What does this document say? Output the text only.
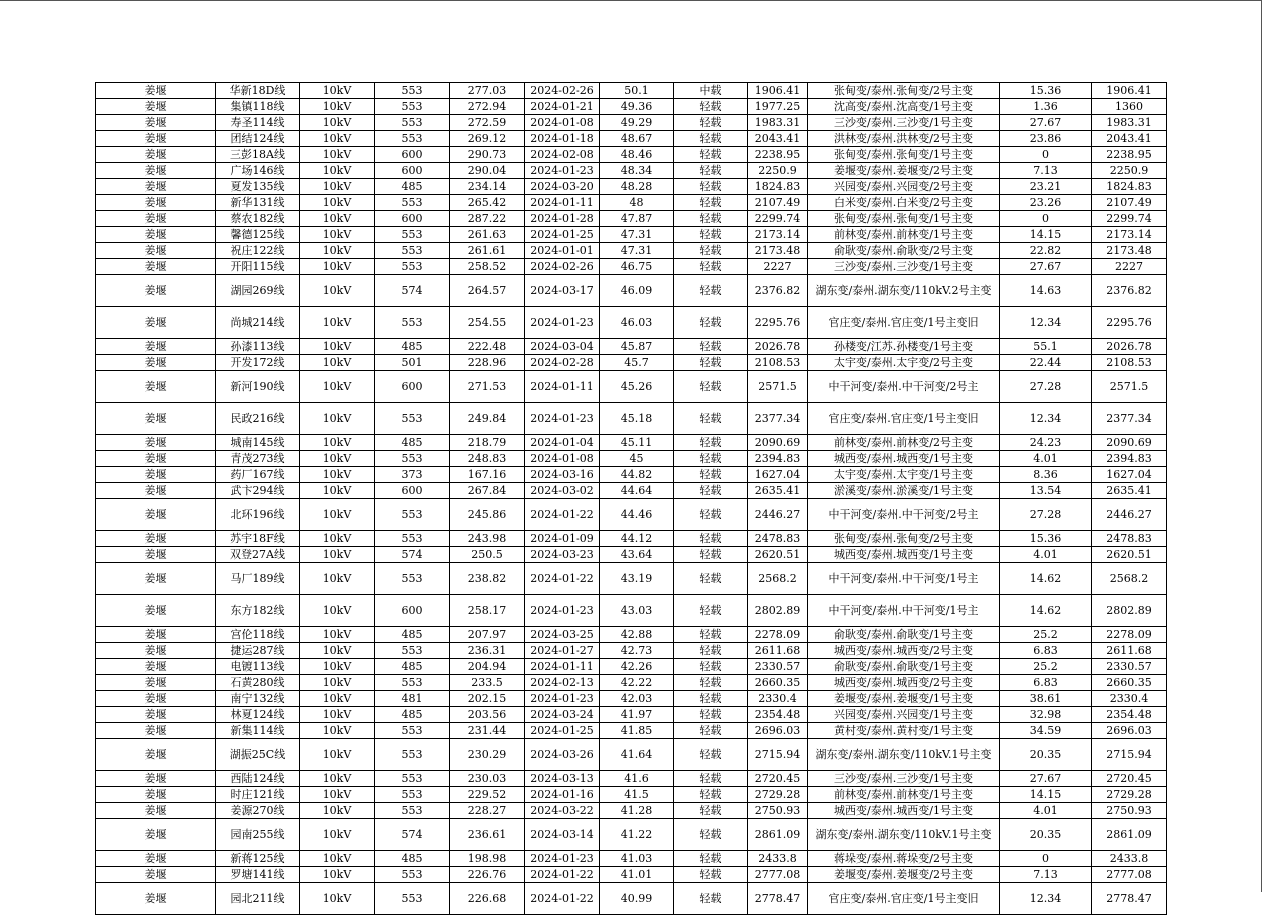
姜堰	华新18D线	10kV	553	277.03	2024-02-26	50.1	中载	1906.41	张甸变/泰州.张甸变/2号主变	15.36	1906.41
姜堰	集镇118线	10kV	553	272.94	2024-01-21	49.36	轻载	1977.25	沈高变/泰州.沈高变/1号主变	1.36	1360
姜堰	寿圣114线	10kV	553	272.59	2024-01-08	49.29	轻载	1983.31	三沙变/泰州.三沙变/1号主变	27.67	1983.31
姜堰	团结124线	10kV	553	269.12	2024-01-18	48.67	轻载	2043.41	洪林变/泰州.洪林变/2号主变	23.86	2043.41
姜堰	三彭18A线	10kV	600	290.73	2024-02-08	48.46	轻载	2238.95	张甸变/泰州.张甸变/1号主变	0	2238.95
姜堰	广场146线	10kV	600	290.04	2024-01-23	48.34	轻载	2250.9	姜堰变/泰州.姜堰变/2号主变	7.13	2250.9
姜堰	夏发135线	10kV	485	234.14	2024-03-20	48.28	轻载	1824.83	兴园变/泰州.兴园变/2号主变	23.21	1824.83
姜堰	新华131线	10kV	553	265.42	2024-01-11	48	轻载	2107.49	白米变/泰州.白米变/2号主变	23.26	2107.49
姜堰	蔡农182线	10kV	600	287.22	2024-01-28	47.87	轻载	2299.74	张甸变/泰州.张甸变/1号主变	0	2299.74
姜堰	馨德125线	10kV	553	261.63	2024-01-25	47.31	轻载	2173.14	前林变/泰州.前林变/1号主变	14.15	2173.14
姜堰	祝庄122线	10kV	553	261.61	2024-01-01	47.31	轻载	2173.48	俞耿变/泰州.俞耿变/2号主变	22.82	2173.48
姜堰	开阳115线	10kV	553	258.52	2024-02-26	46.75	轻载	2227	三沙变/泰州.三沙变/1号主变	27.67	2227
姜堰	湖园269线	10kV	574	264.57	2024-03-17	46.09	轻载	2376.82	湖东变/泰州.湖东变/110kV.2号主变	14.63	2376.82
姜堰	尚城214线	10kV	553	254.55	2024-01-23	46.03	轻载	2295.76	官庄变/泰州.官庄变/1号主变旧	12.34	2295.76
姜堰	孙漆113线	10kV	485	222.48	2024-03-04	45.87	轻载	2026.78	孙楼变/江苏.孙楼变/1号主变	55.1	2026.78
姜堰	开发172线	10kV	501	228.96	2024-02-28	45.7	轻载	2108.53	太宇变/泰州.太宇变/2号主变	22.44	2108.53
姜堰	新河190线	10kV	600	271.53	2024-01-11	45.26	轻载	2571.5	中干河变/泰州.中干河变/2号主	27.28	2571.5
姜堰	民政216线	10kV	553	249.84	2024-01-23	45.18	轻载	2377.34	官庄变/泰州.官庄变/1号主变旧	12.34	2377.34
姜堰	城南145线	10kV	485	218.79	2024-01-04	45.11	轻载	2090.69	前林变/泰州.前林变/2号主变	24.23	2090.69
姜堰	青茂273线	10kV	553	248.83	2024-01-08	45	轻载	2394.83	城西变/泰州.城西变/1号主变	4.01	2394.83
姜堰	药厂167线	10kV	373	167.16	2024-03-16	44.82	轻载	1627.04	太宇变/泰州.太宇变/1号主变	8.36	1627.04
姜堰	武卞294线	10kV	600	267.84	2024-03-02	44.64	轻载	2635.41	淤溪变/泰州.淤溪变/1号主变	13.54	2635.41
姜堰	北环196线	10kV	553	245.86	2024-01-22	44.46	轻载	2446.27	中干河变/泰州.中干河变/2号主	27.28	2446.27
姜堰	苏宇18F线	10kV	553	243.98	2024-01-09	44.12	轻载	2478.83	张甸变/泰州.张甸变/2号主变	15.36	2478.83
姜堰	双登27A线	10kV	574	250.5	2024-03-23	43.64	轻载	2620.51	城西变/泰州.城西变/1号主变	4.01	2620.51
姜堰	马厂189线	10kV	553	238.82	2024-01-22	43.19	轻载	2568.2	中干河变/泰州.中干河变/1号主	14.62	2568.2
姜堰	东方182线	10kV	600	258.17	2024-01-23	43.03	轻载	2802.89	中干河变/泰州.中干河变/1号主	14.62	2802.89
姜堰	宫伦118线	10kV	485	207.97	2024-03-25	42.88	轻载	2278.09	俞耿变/泰州.俞耿变/1号主变	25.2	2278.09
姜堰	捷运287线	10kV	553	236.31	2024-01-27	42.73	轻载	2611.68	城西变/泰州.城西变/2号主变	6.83	2611.68
姜堰	电镀113线	10kV	485	204.94	2024-01-11	42.26	轻载	2330.57	俞耿变/泰州.俞耿变/1号主变	25.2	2330.57
姜堰	石黄280线	10kV	553	233.5	2024-02-13	42.22	轻载	2660.35	城西变/泰州.城西变/2号主变	6.83	2660.35
姜堰	南宁132线	10kV	481	202.15	2024-01-23	42.03	轻载	2330.4	姜堰变/泰州.姜堰变/1号主变	38.61	2330.4
姜堰	林夏124线	10kV	485	203.56	2024-03-24	41.97	轻载	2354.48	兴园变/泰州.兴园变/1号主变	32.98	2354.48
姜堰	新集114线	10kV	553	231.44	2024-01-25	41.85	轻载	2696.03	黄村变/泰州.黄村变/1号主变	34.59	2696.03
姜堰	湖振25C线	10kV	553	230.29	2024-03-26	41.64	轻载	2715.94	湖东变/泰州.湖东变/110kV.1号主变	20.35	2715.94
姜堰	西陆124线	10kV	553	230.03	2024-03-13	41.6	轻载	2720.45	三沙变/泰州.三沙变/1号主变	27.67	2720.45
姜堰	时庄121线	10kV	553	229.52	2024-01-16	41.5	轻载	2729.28	前林变/泰州.前林变/1号主变	14.15	2729.28
姜堰	姜源270线	10kV	553	228.27	2024-03-22	41.28	轻载	2750.93	城西变/泰州.城西变/1号主变	4.01	2750.93
姜堰	园南255线	10kV	574	236.61	2024-03-14	41.22	轻载	2861.09	湖东变/泰州.湖东变/110kV.1号主变	20.35	2861.09
姜堰	新蒋125线	10kV	485	198.98	2024-01-23	41.03	轻载	2433.8	蒋垛变/泰州.蒋垛变/2号主变	0	2433.8
姜堰	罗塘141线	10kV	553	226.76	2024-01-22	41.01	轻载	2777.08	姜堰变/泰州.姜堰变/2号主变	7.13	2777.08
姜堰	园北211线	10kV	553	226.68	2024-01-22	40.99	轻载	2778.47	官庄变/泰州.官庄变/1号主变旧	12.34	2778.47
